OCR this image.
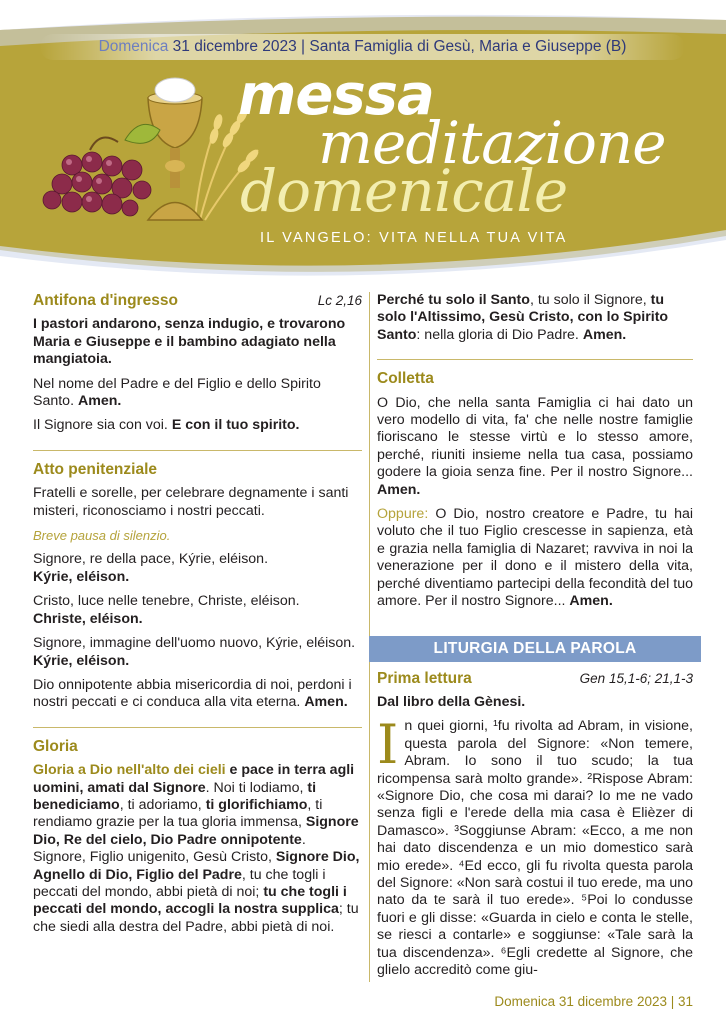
Domenica 31 dicembre 2023 | Santa Famiglia di Gesù, Maria e Giuseppe (B)
messa
meditazione
domenicale
IL VANGELO: VITA NELLA TUA VITA
Antifona d'ingresso	Lc 2,16

I pastori andarono, senza indugio, e trovarono Maria e Giuseppe e il bambino adagiato nella mangiatoia.

Nel nome del Padre e del Figlio e dello Spirito Santo. Amen.

Il Signore sia con voi. E con il tuo spirito.

Atto penitenziale

Fratelli e sorelle, per celebrare degnamente i santi misteri, riconosciamo i nostri peccati.

Breve pausa di silenzio.

Signore, re della pace, Kýrie, eléison.
Kýrie, eléison.

Cristo, luce nelle tenebre, Christe, eléison.
Christe, eléison.

Signore, immagine dell'uomo nuovo, Kýrie, eléison.
Kýrie, eléison.

Dio onnipotente abbia misericordia di noi, perdoni i nostri peccati e ci conduca alla vita eterna. Amen.

Gloria

Gloria a Dio nell'alto dei cieli e pace in terra agli uomini, amati dal Signore. Noi ti lodiamo, ti benediciamo, ti adoriamo, ti glorifichiamo, ti rendiamo grazie per la tua gloria immensa, Signore Dio, Re del cielo, Dio Padre onnipotente. Signore, Figlio unigenito, Gesù Cristo, Signore Dio, Agnello di Dio, Figlio del Padre, tu che togli i peccati del mondo, abbi pietà di noi; tu che togli i peccati del mondo, accogli la nostra supplica; tu che siedi alla destra del Padre, abbi pietà di noi.

Perché tu solo il Santo, tu solo il Signore, tu solo l'Altissimo, Gesù Cristo, con lo Spirito Santo: nella gloria di Dio Padre. Amen.

Colletta

O Dio, che nella santa Famiglia ci hai dato un vero modello di vita, fa' che nelle nostre famiglie fioriscano le stesse virtù e lo stesso amore, perché, riuniti insieme nella tua casa, possiamo godere la gioia senza fine. Per il nostro Signore... Amen.

Oppure: O Dio, nostro creatore e Padre, tu hai voluto che il tuo Figlio crescesse in sapienza, età e grazia nella famiglia di Nazaret; ravviva in noi la venerazione per il dono e il mistero della vita, perché diventiamo partecipi della fecondità del tuo amore. Per il nostro Signore... Amen.

LITURGIA DELLA PAROLA
Prima lettura	Gen 15,1-6; 21,1-3

Dal libro della Gènesi.

In quei giorni, ¹fu rivolta ad Abram, in visione, questa parola del Signore: «Non temere, Abram. Io sono il tuo scudo; la tua ricompensa sarà molto grande». ²Rispose Abram: «Signore Dio, che cosa mi darai? Io me ne vado senza figli e l'erede della mia casa è Elièzer di Damasco». ³Soggiunse Abram: «Ecco, a me non hai dato discendenza e un mio domestico sarà mio erede». ⁴Ed ecco, gli fu rivolta questa parola del Signore: «Non sarà costui il tuo erede, ma uno nato da te sarà il tuo erede». ⁵Poi lo condusse fuori e gli disse: «Guarda in cielo e conta le stelle, se riesci a contarle» e soggiunse: «Tale sarà la tua discendenza». ⁶Egli credette al Signore, che glielo accreditò come giu-

Domenica 31 dicembre 2023 | 31
